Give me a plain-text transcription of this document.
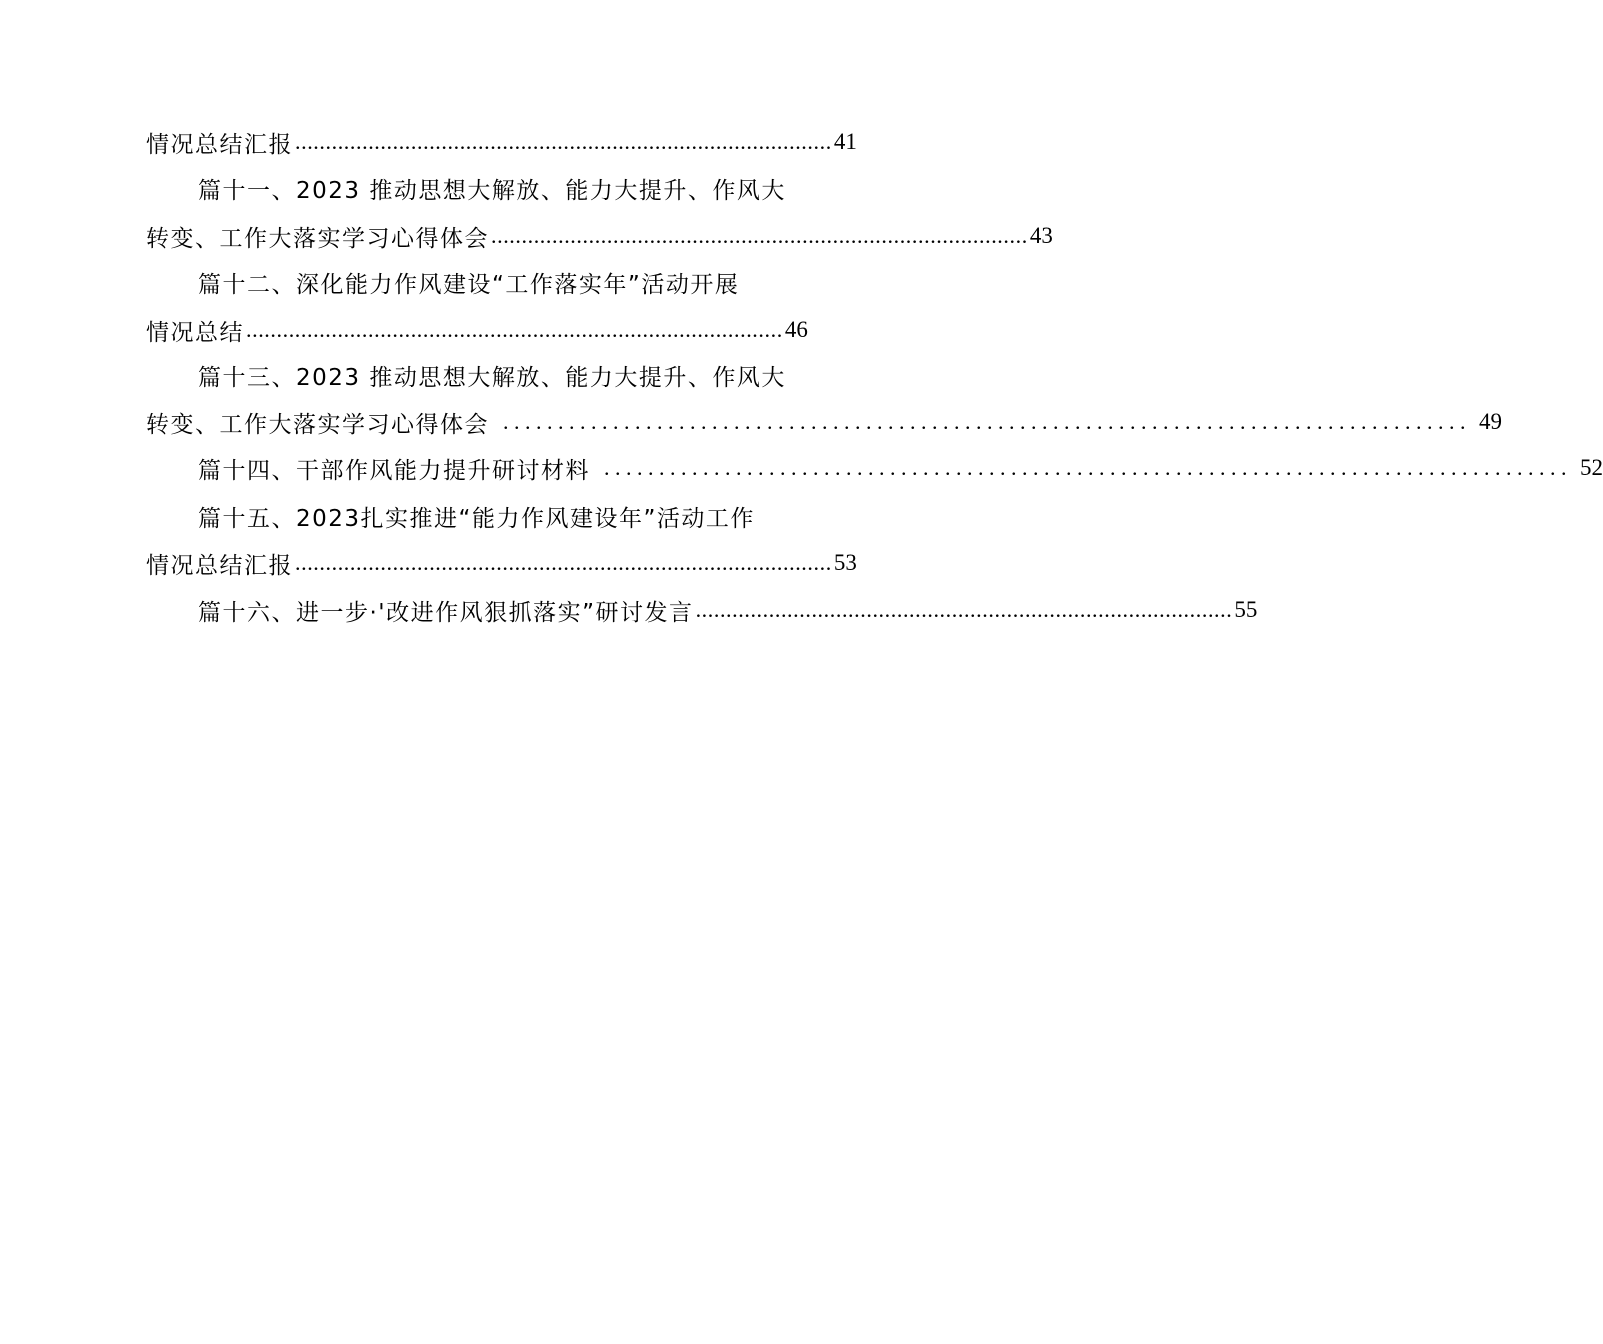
情况总结汇报 ........................................................................................ 41
篇十一、2023 推动思想大解放、能力大提升、作风大
转变、工作大落实学习心得体会 ........................................................................................ 43
篇十二、深化能力作风建设“工作落实年”活动开展
情况总结 ........................................................................................ 46
篇十三、2023 推动思想大解放、能力大提升、作风大
转变、工作大落实学习心得体会 ........................................................................................ 49
篇十四、干部作风能力提升研讨材料 ........................................................................................ 52
篇十五、2023扎实推进“能力作风建设年”活动工作
情况总结汇报 ........................................................................................ 53
篇十六、进一步·'改进作风狠抓落实”研讨发言 ........................................................................................ 55
